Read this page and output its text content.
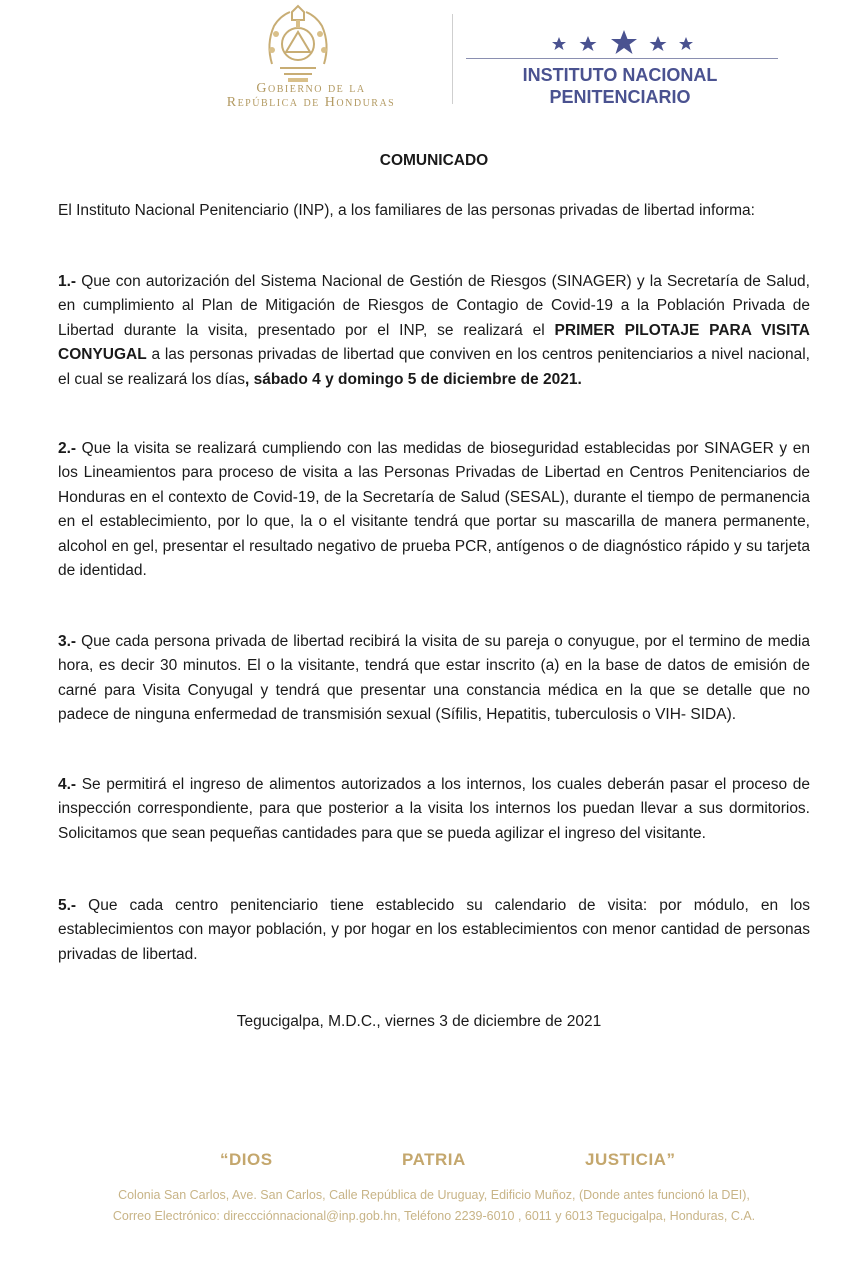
Gobierno de la
República de Honduras
INSTITUTO NACIONAL
PENITENCIARIO
COMUNICADO

El Instituto Nacional Penitenciario (INP), a los familiares de las personas privadas de libertad informa:

1.- Que con autorización del Sistema Nacional de Gestión de Riesgos (SINAGER) y la Secretaría de Salud, en cumplimiento al Plan de Mitigación de Riesgos de Contagio de Covid-19 a la Población Privada de Libertad durante la visita, presentado por el INP, se realizará el PRIMER PILOTAJE PARA VISITA CONYUGAL a las personas privadas de libertad que conviven en los centros penitenciarios a nivel nacional, el cual se realizará los días, sábado 4 y domingo 5 de diciembre de 2021.

2.- Que la visita se realizará cumpliendo con las medidas de bioseguridad establecidas por SINAGER y en los Lineamientos para proceso de visita a las Personas Privadas de Libertad en Centros Penitenciarios de Honduras en el contexto de Covid-19, de la Secretaría de Salud (SESAL), durante el tiempo de permanencia en el establecimiento, por lo que, la o el visitante tendrá que portar su mascarilla de manera permanente, alcohol en gel, presentar el resultado negativo de prueba PCR, antígenos o de diagnóstico rápido y su tarjeta de identidad.

3.- Que cada persona privada de libertad recibirá la visita de su pareja o conyugue, por el termino de media hora, es decir 30 minutos. El o la visitante, tendrá que estar inscrito (a) en la base de datos de emisión de carné para Visita Conyugal y tendrá que presentar una constancia médica en la que se detalle que no padece de ninguna enfermedad de transmisión sexual (Sífilis, Hepatitis, tuberculosis o VIH- SIDA).

4.- Se permitirá el ingreso de alimentos autorizados a los internos, los cuales deberán pasar el proceso de inspección correspondiente, para que posterior a la visita los internos los puedan llevar a sus dormitorios. Solicitamos que sean pequeñas cantidades para que se pueda agilizar el ingreso del visitante.

5.- Que cada centro penitenciario tiene establecido su calendario de visita: por módulo, en los establecimientos con mayor población, y por hogar en los establecimientos con menor cantidad de personas privadas de libertad.

Tegucigalpa, M.D.C., viernes 3 de diciembre de 2021
“DIOS	PATRIA	JUSTICIA”
Colonia San Carlos, Ave. San Carlos, Calle República de Uruguay, Edificio Muñoz, (Donde antes funcionó la DEI),
Correo Electrónico: direccciónnacional@inp.gob.hn, Teléfono 2239-6010 , 6011 y 6013 Tegucigalpa, Honduras, C.A.
